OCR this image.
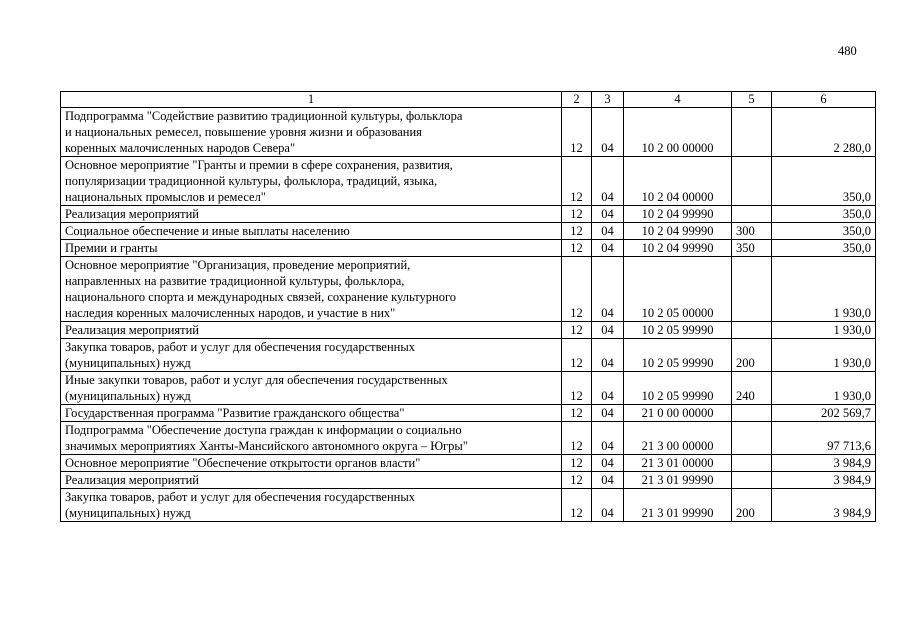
480
1	2	3	4	5	6
Подпрограмма "Содействие развитию традиционной культуры, фольклора
и национальных ремесел, повышение уровня жизни и образования
коренных малочисленных народов Севера"	12	04	10 2 00 00000		2 280,0
Основное мероприятие "Гранты и премии в сфере сохранения, развития,
популяризации традиционной культуры, фольклора, традиций, языка,
национальных промыслов и ремесел"	12	04	10 2 04 00000		350,0
Реализация мероприятий	12	04	10 2 04 99990		350,0
Социальное обеспечение и иные выплаты населению	12	04	10 2 04 99990	300	350,0
Премии и гранты	12	04	10 2 04 99990	350	350,0
Основное мероприятие "Организация, проведение мероприятий,
направленных на развитие традиционной культуры, фольклора,
национального спорта и международных связей, сохранение культурного
наследия коренных малочисленных народов, и участие в них"	12	04	10 2 05 00000		1 930,0
Реализация мероприятий	12	04	10 2 05 99990		1 930,0
Закупка товаров, работ и услуг для обеспечения государственных
(муниципальных) нужд	12	04	10 2 05 99990	200	1 930,0
Иные закупки товаров, работ и услуг для обеспечения государственных
(муниципальных) нужд	12	04	10 2 05 99990	240	1 930,0
Государственная программа "Развитие гражданского общества"	12	04	21 0 00 00000		202 569,7
Подпрограмма "Обеспечение доступа граждан к информации о социально
значимых мероприятиях Ханты-Мансийского автономного округа – Югры"	12	04	21 3 00 00000		97 713,6
Основное мероприятие "Обеспечение открытости органов власти"	12	04	21 3 01 00000		3 984,9
Реализация мероприятий	12	04	21 3 01 99990		3 984,9
Закупка товаров, работ и услуг для обеспечения государственных
(муниципальных) нужд	12	04	21 3 01 99990	200	3 984,9
